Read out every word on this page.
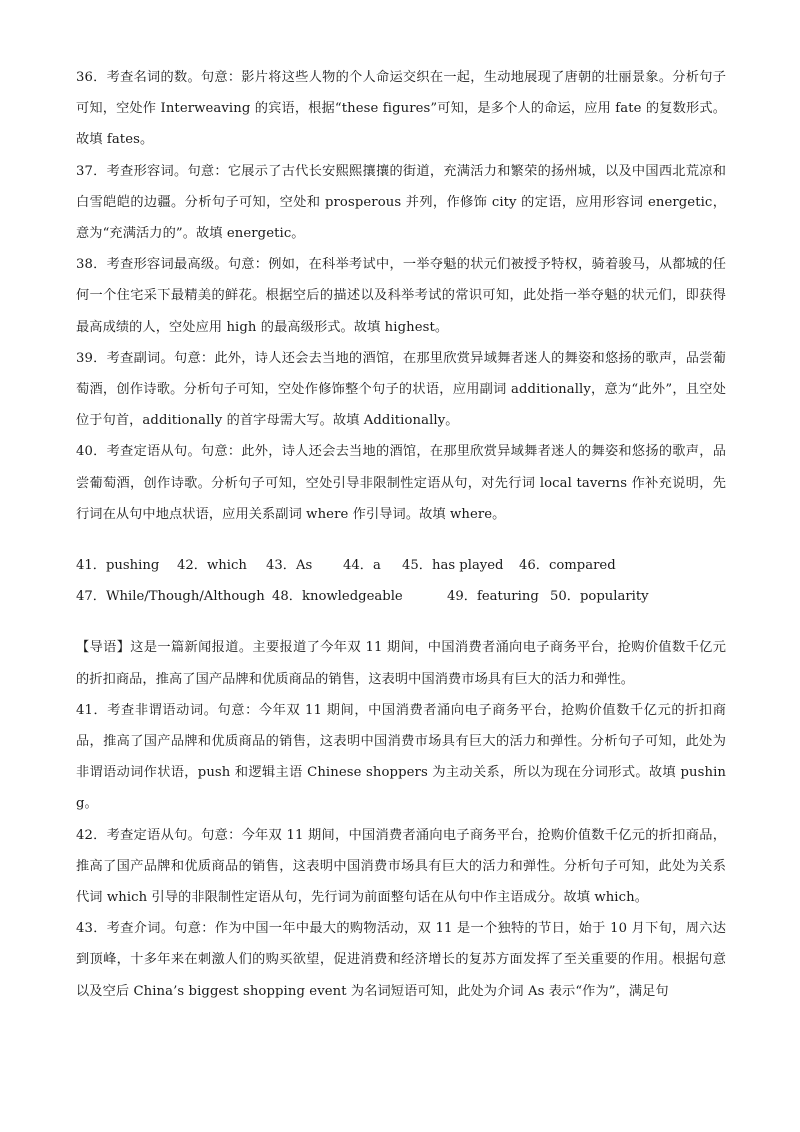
36．考查名词的数。句意：影片将这些人物的个人命运交织在一起，生动地展现了唐朝的壮丽景象。分析句子可知，空处作 Interweaving 的宾语，根据“these figures”可知，是多个人的命运，应用 fate 的复数形式。故填 fates。

37．考查形容词。句意：它展示了古代长安熙熙攘攘的街道，充满活力和繁荣的扬州城，以及中国西北荒凉和白雪皑皑的边疆。分析句子可知，空处和 prosperous 并列，作修饰 city 的定语，应用形容词 energetic，意为“充满活力的”。故填 energetic。

38．考查形容词最高级。句意：例如，在科举考试中，一举夺魁的状元们被授予特权，骑着骏马，从都城的任何一个住宅采下最精美的鲜花。根据空后的描述以及科举考试的常识可知，此处指一举夺魁的状元们，即获得最高成绩的人，空处应用 high 的最高级形式。故填 highest。

39．考查副词。句意：此外，诗人还会去当地的酒馆，在那里欣赏异域舞者迷人的舞姿和悠扬的歌声，品尝葡萄酒，创作诗歌。分析句子可知，空处作修饰整个句子的状语，应用副词 additionally，意为“此外”，且空处位于句首，additionally 的首字母需大写。故填 Additionally。

40．考查定语从句。句意：此外，诗人还会去当地的酒馆，在那里欣赏异域舞者迷人的舞姿和悠扬的歌声，品尝葡萄酒，创作诗歌。分析句子可知，空处引导非限制性定语从句，对先行词 local taverns 作补充说明，先行词在从句中地点状语，应用关系副词 where 作引导词。故填 where。

41．pushing	42．which	43．As	44．a	45．has played	46．compared
47．While/Though/Although 48．knowledgeable	49．featuring 50．popularity

【导语】这是一篇新闻报道。主要报道了今年双 11 期间，中国消费者涌向电子商务平台，抢购价值数千亿元的折扣商品，推高了国产品牌和优质商品的销售，这表明中国消费市场具有巨大的活力和弹性。

41．考查非谓语动词。句意：今年双 11 期间，中国消费者涌向电子商务平台，抢购价值数千亿元的折扣商品，推高了国产品牌和优质商品的销售，这表明中国消费市场具有巨大的活力和弹性。分析句子可知，此处为非谓语动词作状语，push 和逻辑主语 Chinese shoppers 为主动关系，所以为现在分词形式。故填 pushing。

42．考查定语从句。句意：今年双 11 期间，中国消费者涌向电子商务平台，抢购价值数千亿元的折扣商品，推高了国产品牌和优质商品的销售，这表明中国消费市场具有巨大的活力和弹性。分析句子可知，此处为关系代词 which 引导的非限制性定语从句，先行词为前面整句话在从句中作主语成分。故填 which。

43．考查介词。句意：作为中国一年中最大的购物活动，双 11 是一个独特的节日，始于 10 月下旬，周六达到顶峰，十多年来在刺激人们的购买欲望，促进消费和经济增长的复苏方面发挥了至关重要的作用。根据句意以及空后 China’s biggest shopping event 为名词短语可知，此处为介词 As 表示“作为”，满足句
